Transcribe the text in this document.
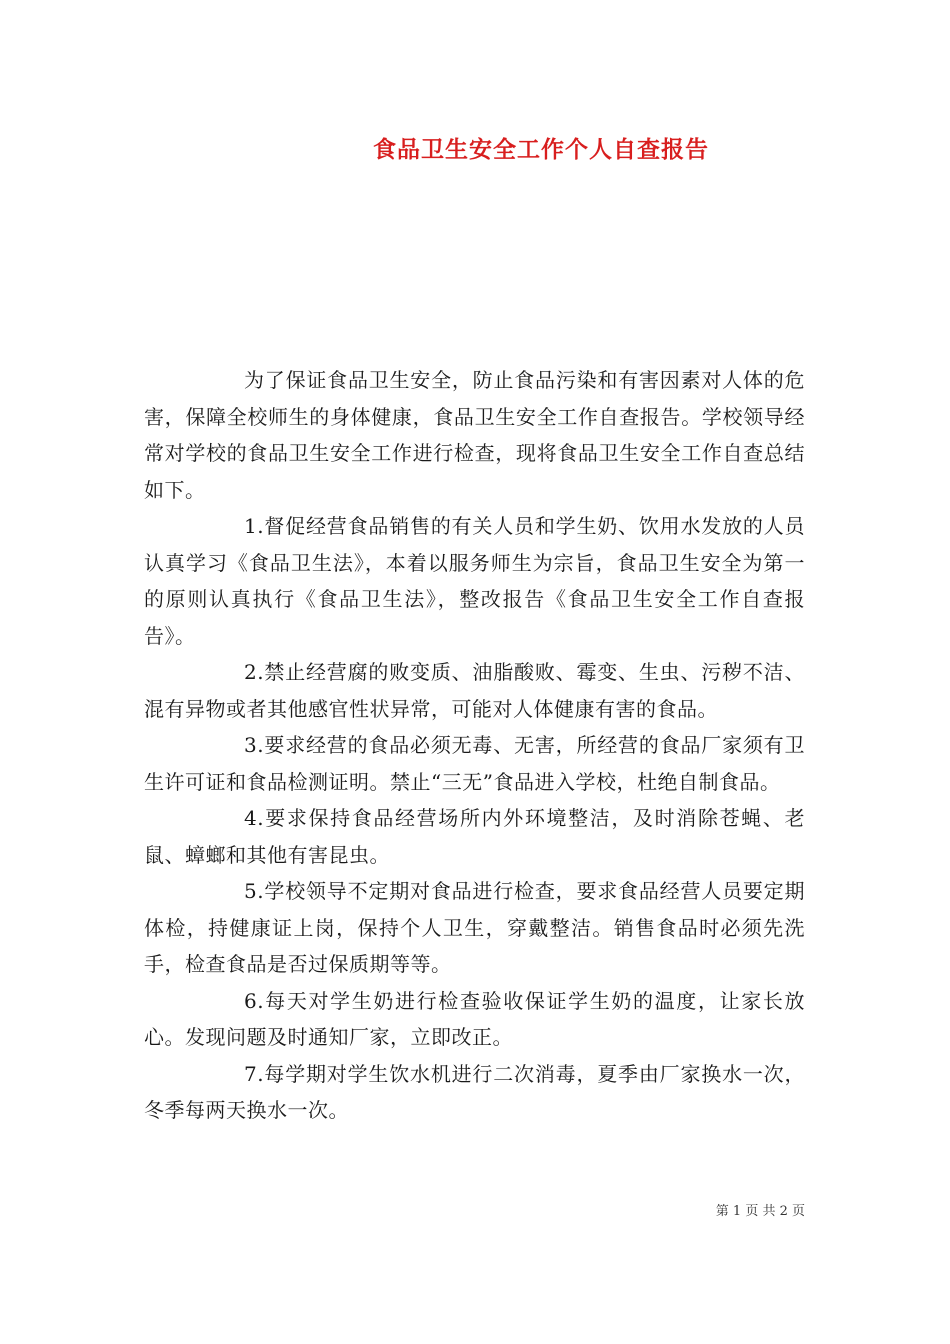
食品卫生安全工作个人自查报告

为了保证食品卫生安全，防止食品污染和有害因素对人体的危害，保障全校师生的身体健康，食品卫生安全工作自查报告。学校领导经常对学校的食品卫生安全工作进行检查，现将食品卫生安全工作自查总结如下。

1.督促经营食品销售的有关人员和学生奶、饮用水发放的人员认真学习《食品卫生法》，本着以服务师生为宗旨，食品卫生安全为第一的原则认真执行《食品卫生法》，整改报告《食品卫生安全工作自查报告》。

2.禁止经营腐的败变质、油脂酸败、霉变、生虫、污秽不洁、混有异物或者其他感官性状异常，可能对人体健康有害的食品。

3.要求经营的食品必须无毒、无害，所经营的食品厂家须有卫生许可证和食品检测证明。禁止“三无”食品进入学校，杜绝自制食品。

4.要求保持食品经营场所内外环境整洁，及时消除苍蝇、老鼠、蟑螂和其他有害昆虫。

5.学校领导不定期对食品进行检查，要求食品经营人员要定期体检，持健康证上岗，保持个人卫生，穿戴整洁。销售食品时必须先洗手，检查食品是否过保质期等等。

6.每天对学生奶进行检查验收保证学生奶的温度，让家长放心。发现问题及时通知厂家，立即改正。

7.每学期对学生饮水机进行二次消毒，夏季由厂家换水一次，冬季每两天换水一次。

第 1 页 共 2 页
